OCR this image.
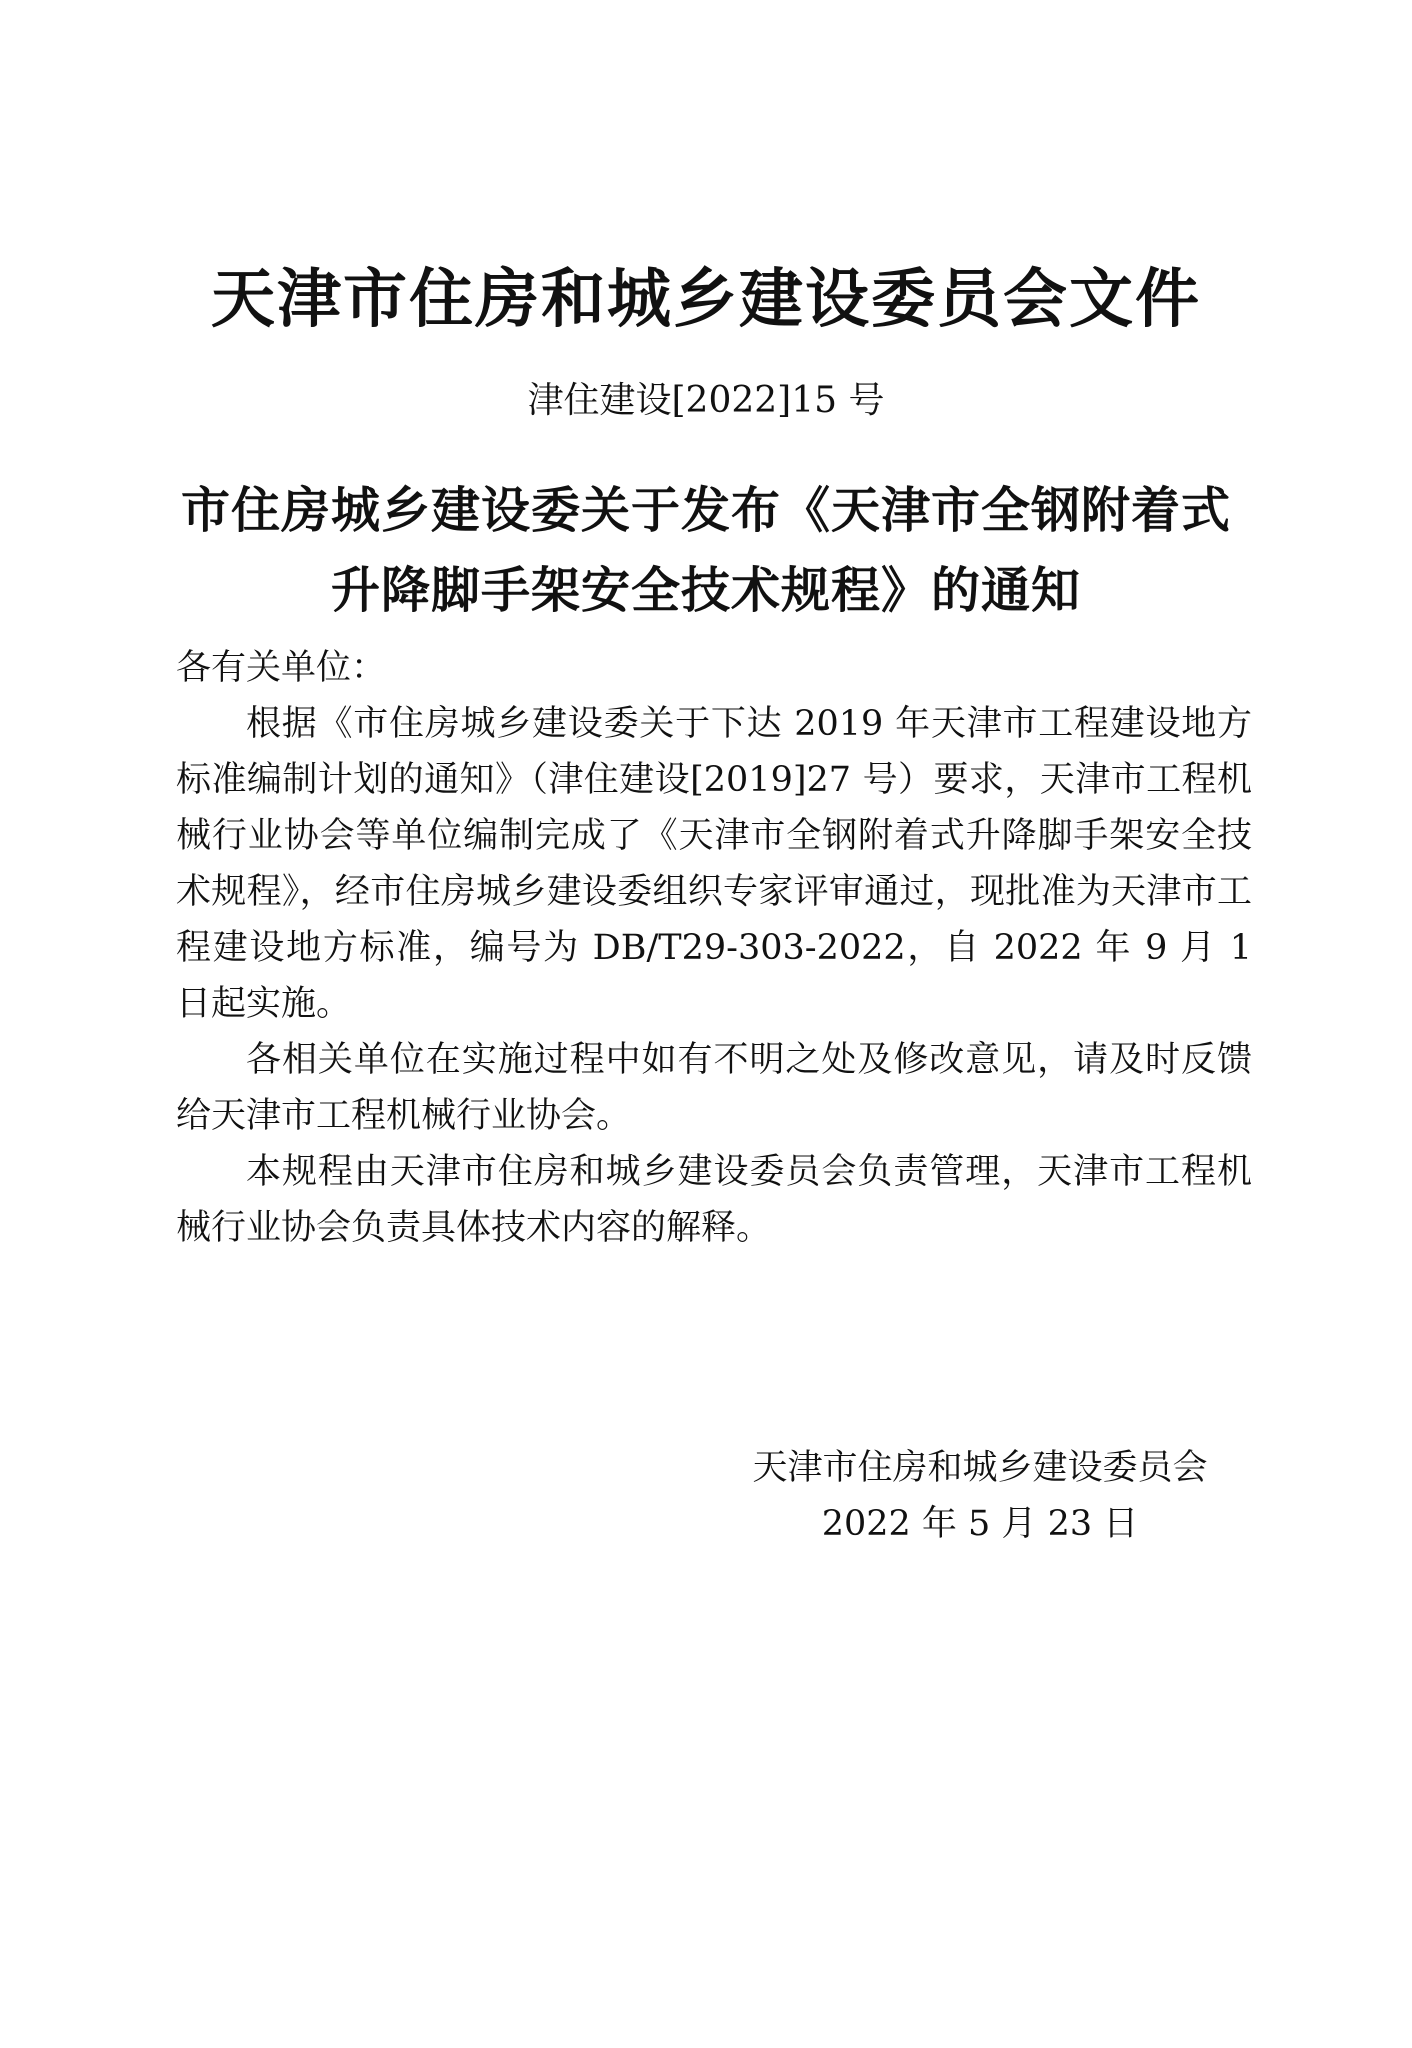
天津市住房和城乡建设委员会文件
津住建设[2022]15 号
市住房城乡建设委关于发布《天津市全钢附着式
升降脚手架安全技术规程》的通知

各有关单位：

根据《市住房城乡建设委关于下达 2019 年天津市工程建设地方标准编制计划的通知》（津住建设[2019]27 号）要求，天津市工程机械行业协会等单位编制完成了《天津市全钢附着式升降脚手架安全技术规程》，经市住房城乡建设委组织专家评审通过，现批准为天津市工程建设地方标准，编号为 DB/T29-303-2022，自 2022 年 9 月 1 日起实施。

各相关单位在实施过程中如有不明之处及修改意见，请及时反馈给天津市工程机械行业协会。

本规程由天津市住房和城乡建设委员会负责管理，天津市工程机械行业协会负责具体技术内容的解释。

天津市住房和城乡建设委员会
2022 年 5 月 23 日
